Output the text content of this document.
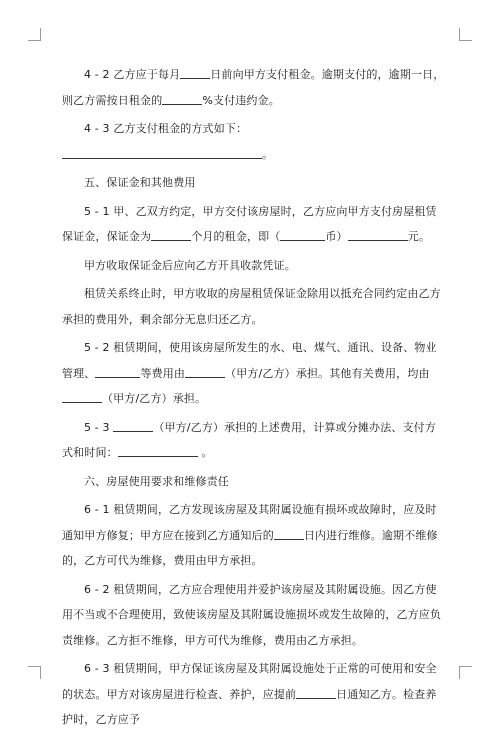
4 - 2 乙方应于每月	日前向甲方支付租金。逾期支付的，逾期一日，则乙方需按日租金的	%支付违约金。

4 - 3 乙方支付租金的方式如下：。

五、保证金和其他费用

5 - 1 甲、乙双方约定，甲方交付该房屋时，乙方应向甲方支付房屋租赁保证金，保证金为	个月的租金，即（	币）	元。

甲方收取保证金后应向乙方开具收款凭证。

租赁关系终止时，甲方收取的房屋租赁保证金除用以抵充合同约定由乙方承担的费用外，剩余部分无息归还乙方。

5 - 2 租赁期间，使用该房屋所发生的水、电、煤气、通讯、设备、物业管理、	等费用由	（甲方/乙方）承担。其他有关费用，均由（甲方/乙方）承担。

5 - 3	（甲方/乙方）承担的上述费用，计算或分摊办法、支付方式和时间：	。

六、房屋使用要求和维修责任

6 - 1 租赁期间，乙方发现该房屋及其附属设施有损坏或故障时，应及时通知甲方修复；甲方应在接到乙方通知后的	日内进行维修。逾期不维修的，乙方可代为维修，费用由甲方承担。

6 - 2 租赁期间，乙方应合理使用并爱护该房屋及其附属设施。因乙方使用不当或不合理使用，致使该房屋及其附属设施损坏或发生故障的，乙方应负责维修。乙方拒不维修，甲方可代为维修，费用由乙方承担。

6 - 3 租赁期间，甲方保证该房屋及其附属设施处于正常的可使用和安全的状态。甲方对该房屋进行检查、养护，应提前	日通知乙方。检查养护时，乙方应予
